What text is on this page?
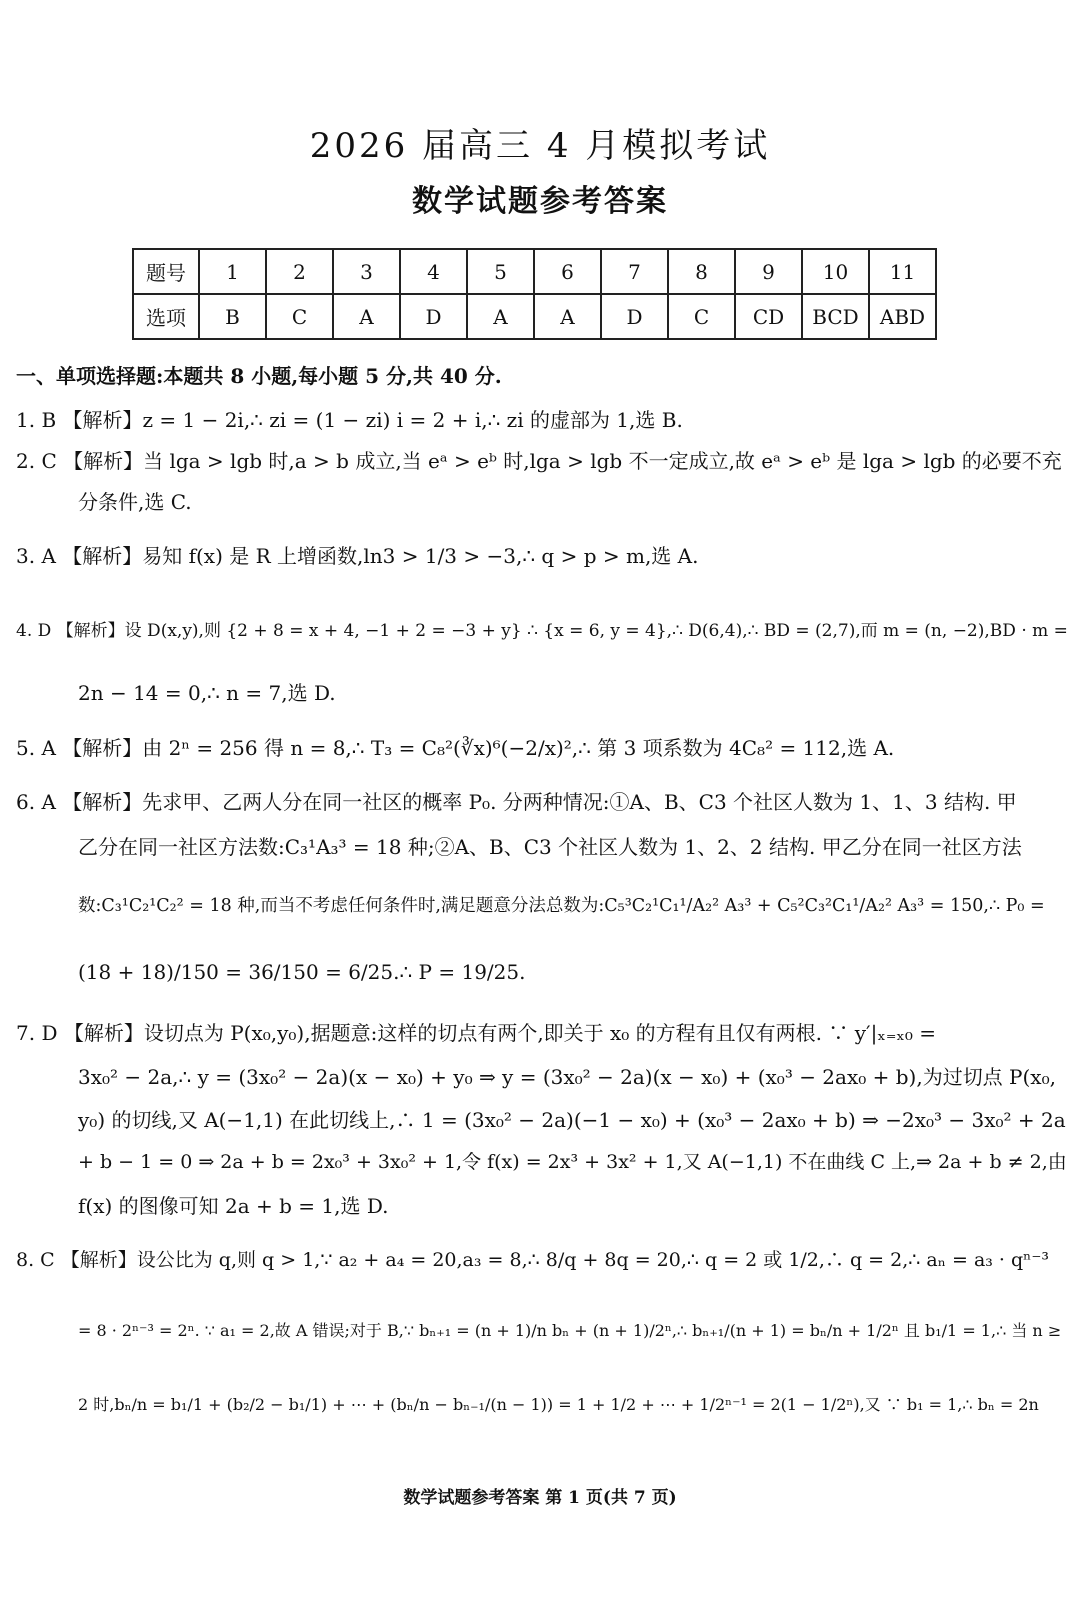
2026 届高三 4 月模拟考试
数学试题参考答案
题号	1	2	3	4	5	6	7	8	9	10	11
选项	B	C	A	D	A	A	D	C	CD	BCD	ABD
一、单项选择题:本题共 8 小题,每小题 5 分,共 40 分.
1. B 【解析】z = 1 − 2i,∴ zi = (1 − zi) i = 2 + i,∴ zi 的虚部为 1,选 B.
2. C 【解析】当 lga > lgb 时,a > b 成立,当 eᵃ > eᵇ 时,lga > lgb 不一定成立,故 eᵃ > eᵇ 是 lga > lgb 的必要不充
分条件,选 C.
3. A 【解析】易知 f(x) 是 R 上增函数,ln3 > 1/3 > −3,∴ q > p > m,选 A.
4. D 【解析】设 D(x,y),则 {2 + 8 = x + 4, −1 + 2 = −3 + y} ∴ {x = 6, y = 4},∴ D(6,4),∴ BD = (2,7),而 m = (n, −2),BD · m =
2n − 14 = 0,∴ n = 7,选 D.
5. A 【解析】由 2ⁿ = 256 得 n = 8,∴ T₃ = C₈²(∛x)⁶(−2/x)²,∴ 第 3 项系数为 4C₈² = 112,选 A.
6. A 【解析】先求甲、乙两人分在同一社区的概率 P₀. 分两种情况:①A、B、C3 个社区人数为 1、1、3 结构. 甲
乙分在同一社区方法数:C₃¹A₃³ = 18 种;②A、B、C3 个社区人数为 1、2、2 结构. 甲乙分在同一社区方法
数:C₃¹C₂¹C₂² = 18 种,而当不考虑任何条件时,满足题意分法总数为:C₅³C₂¹C₁¹/A₂² A₃³ + C₅²C₃²C₁¹/A₂² A₃³ = 150,∴ P₀ =
(18 + 18)/150 = 36/150 = 6/25.∴ P = 19/25.
7. D 【解析】设切点为 P(x₀,y₀),据题意:这样的切点有两个,即关于 x₀ 的方程有且仅有两根. ∵ y′|ₓ₌ₓ₀ =
3x₀² − 2a,∴ y = (3x₀² − 2a)(x − x₀) + y₀ ⇒ y = (3x₀² − 2a)(x − x₀) + (x₀³ − 2ax₀ + b),为过切点 P(x₀,
y₀) 的切线,又 A(−1,1) 在此切线上,∴ 1 = (3x₀² − 2a)(−1 − x₀) + (x₀³ − 2ax₀ + b) ⇒ −2x₀³ − 3x₀² + 2a
+ b − 1 = 0 ⇒ 2a + b = 2x₀³ + 3x₀² + 1,令 f(x) = 2x³ + 3x² + 1,又 A(−1,1) 不在曲线 C 上,⇒ 2a + b ≠ 2,由
f(x) 的图像可知 2a + b = 1,选 D.
8. C 【解析】设公比为 q,则 q > 1,∵ a₂ + a₄ = 20,a₃ = 8,∴ 8/q + 8q = 20,∴ q = 2 或 1/2,∴ q = 2,∴ aₙ = a₃ · qⁿ⁻³
= 8 · 2ⁿ⁻³ = 2ⁿ. ∵ a₁ = 2,故 A 错误;对于 B,∵ bₙ₊₁ = (n + 1)/n bₙ + (n + 1)/2ⁿ,∴ bₙ₊₁/(n + 1) = bₙ/n + 1/2ⁿ 且 b₁/1 = 1,∴ 当 n ≥
2 时,bₙ/n = b₁/1 + (b₂/2 − b₁/1) + ⋯ + (bₙ/n − bₙ₋₁/(n − 1)) = 1 + 1/2 + ⋯ + 1/2ⁿ⁻¹ = 2(1 − 1/2ⁿ),又 ∵ b₁ = 1,∴ bₙ = 2n
数学试题参考答案 第 1 页(共 7 页)
